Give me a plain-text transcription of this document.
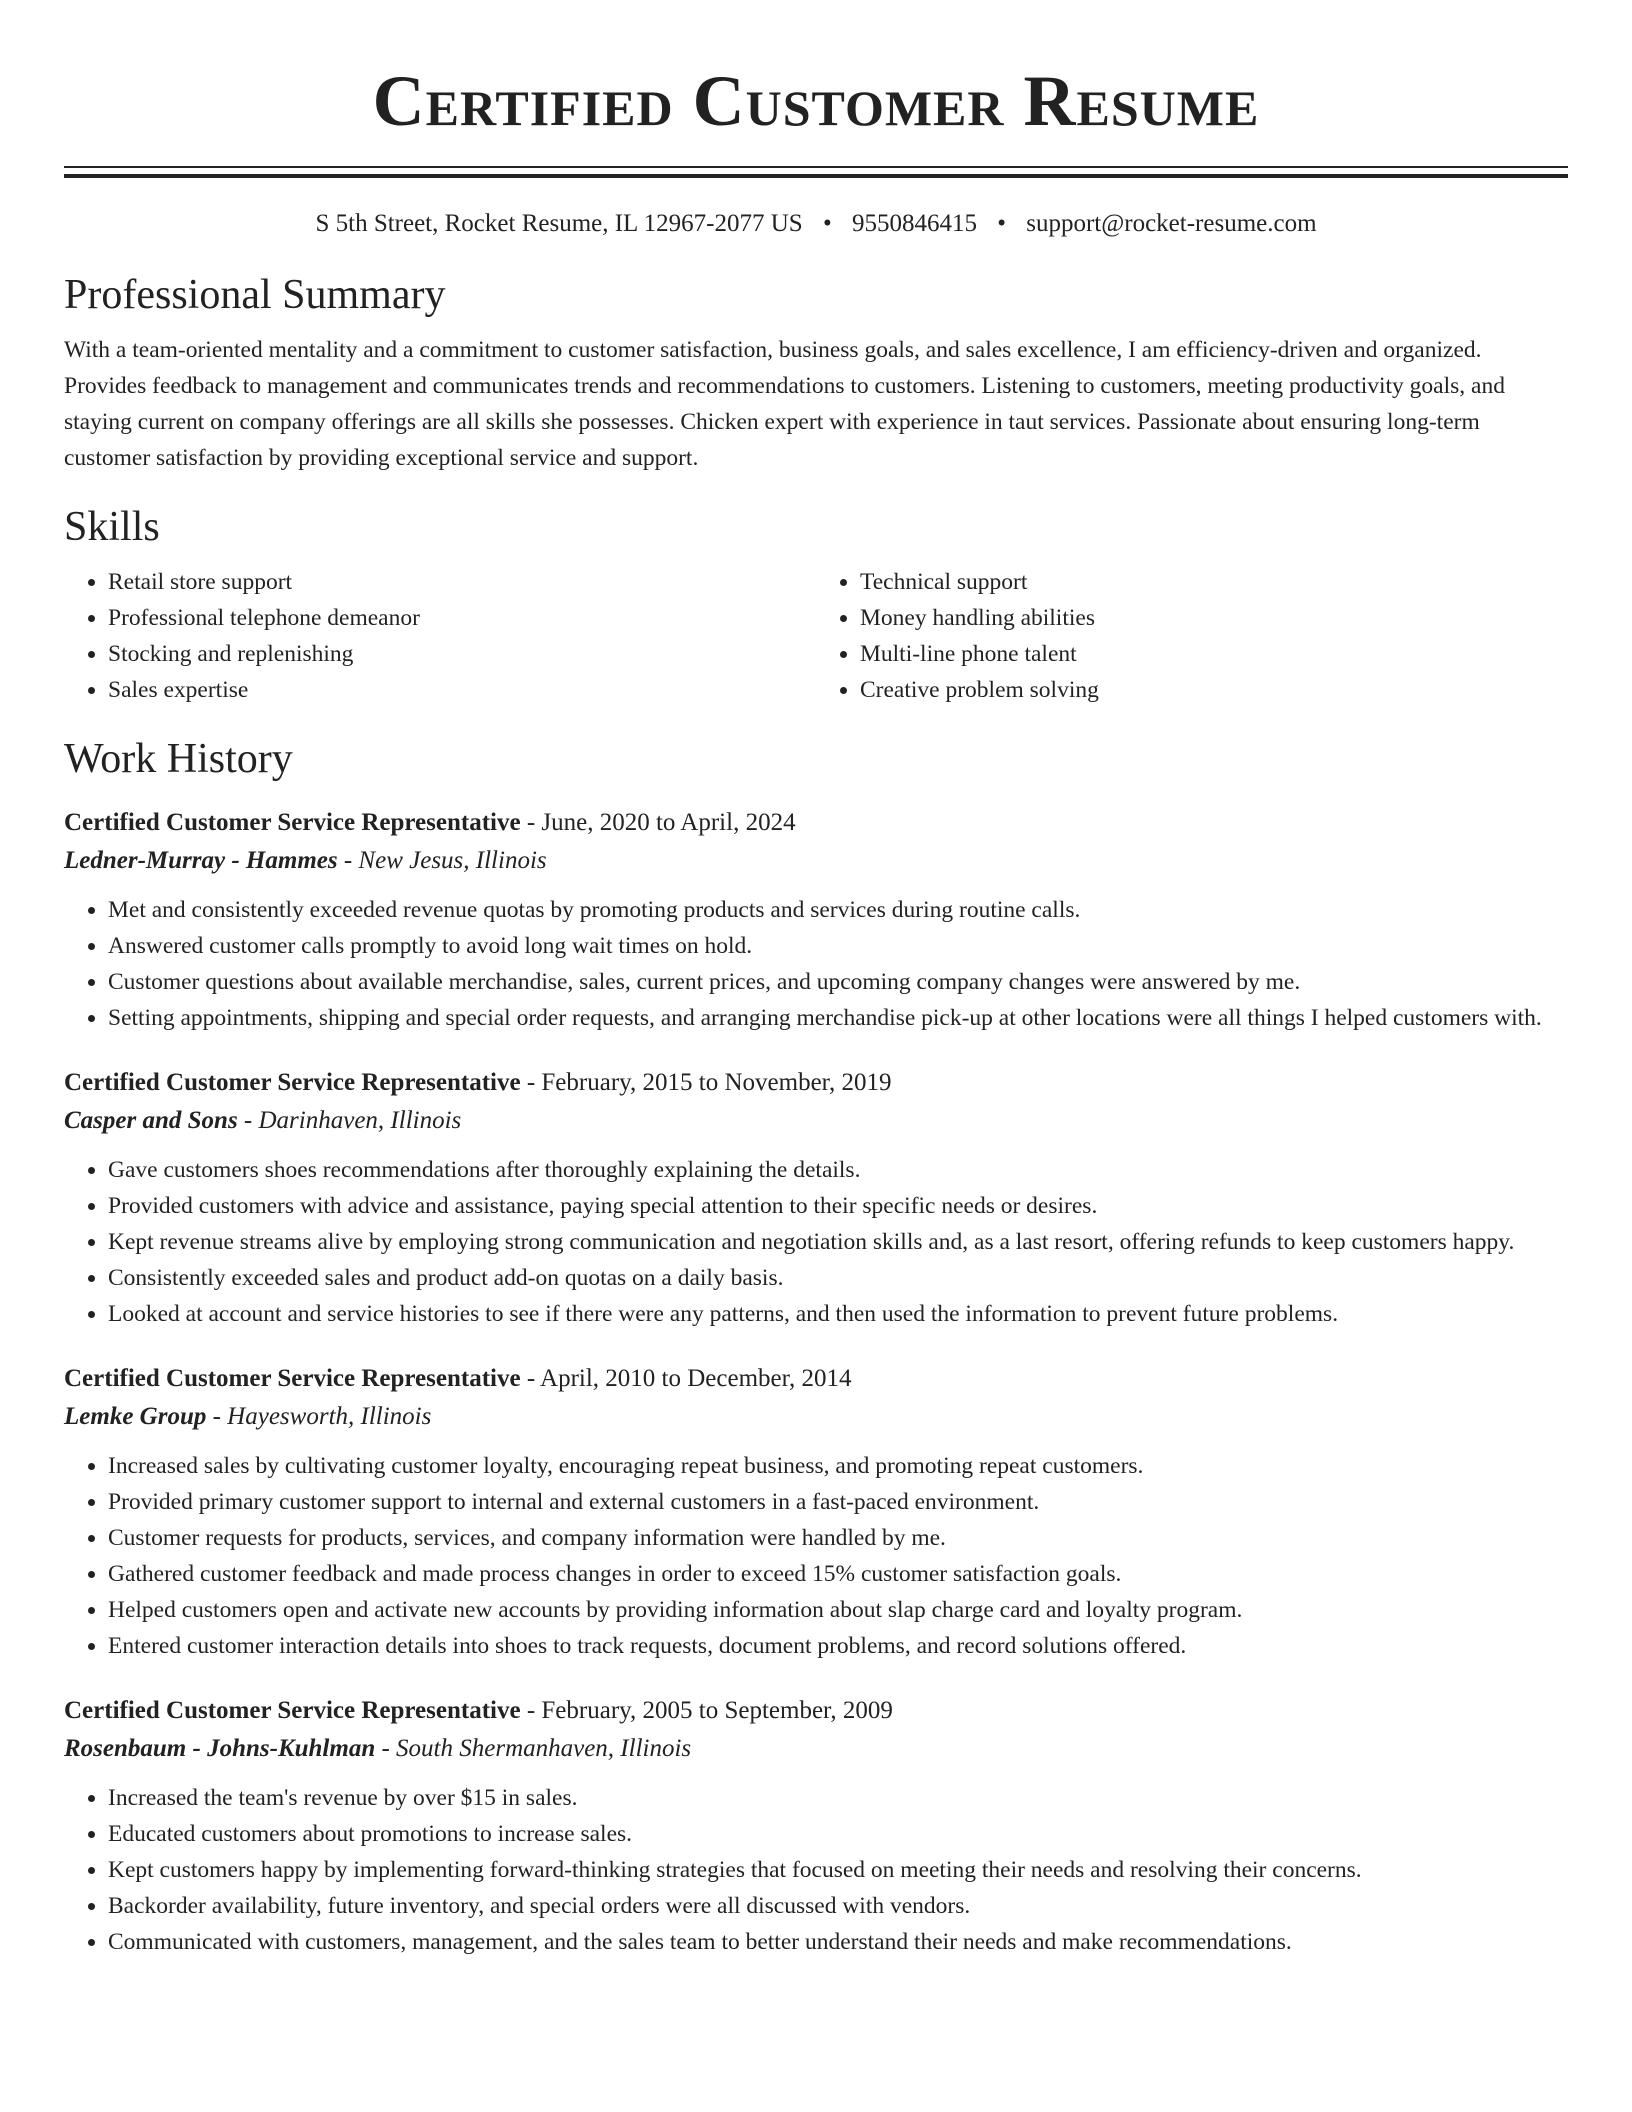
Certified Customer Resume
S 5th Street, Rocket Resume, IL 12967-2077 US • 9550846415 • support@rocket-resume.com
Professional Summary

With a team-oriented mentality and a commitment to customer satisfaction, business goals, and sales excellence, I am efficiency-driven and organized. Provides feedback to management and communicates trends and recommendations to customers. Listening to customers, meeting productivity goals, and staying current on company offerings are all skills she possesses. Chicken expert with experience in taut services. Passionate about ensuring long-term customer satisfaction by providing exceptional service and support.

Skills
• Retail store support
• Professional telephone demeanor
• Stocking and replenishing
• Sales expertise
• Technical support
• Money handling abilities
• Multi-line phone talent
• Creative problem solving
Work History
Certified Customer Service Representative - June, 2020 to April, 2024
Ledner-Murray - Hammes - New Jesus, Illinois
• Met and consistently exceeded revenue quotas by promoting products and services during routine calls.
• Answered customer calls promptly to avoid long wait times on hold.
• Customer questions about available merchandise, sales, current prices, and upcoming company changes were answered by me.
• Setting appointments, shipping and special order requests, and arranging merchandise pick-up at other locations were all things I helped customers with.
Certified Customer Service Representative - February, 2015 to November, 2019
Casper and Sons - Darinhaven, Illinois
• Gave customers shoes recommendations after thoroughly explaining the details.
• Provided customers with advice and assistance, paying special attention to their specific needs or desires.
• Kept revenue streams alive by employing strong communication and negotiation skills and, as a last resort, offering refunds to keep customers happy.
• Consistently exceeded sales and product add-on quotas on a daily basis.
• Looked at account and service histories to see if there were any patterns, and then used the information to prevent future problems.
Certified Customer Service Representative - April, 2010 to December, 2014
Lemke Group - Hayesworth, Illinois
• Increased sales by cultivating customer loyalty, encouraging repeat business, and promoting repeat customers.
• Provided primary customer support to internal and external customers in a fast-paced environment.
• Customer requests for products, services, and company information were handled by me.
• Gathered customer feedback and made process changes in order to exceed 15% customer satisfaction goals.
• Helped customers open and activate new accounts by providing information about slap charge card and loyalty program.
• Entered customer interaction details into shoes to track requests, document problems, and record solutions offered.
Certified Customer Service Representative - February, 2005 to September, 2009
Rosenbaum - Johns-Kuhlman - South Shermanhaven, Illinois
• Increased the team's revenue by over $15 in sales.
• Educated customers about promotions to increase sales.
• Kept customers happy by implementing forward-thinking strategies that focused on meeting their needs and resolving their concerns.
• Backorder availability, future inventory, and special orders were all discussed with vendors.
• Communicated with customers, management, and the sales team to better understand their needs and make recommendations.
